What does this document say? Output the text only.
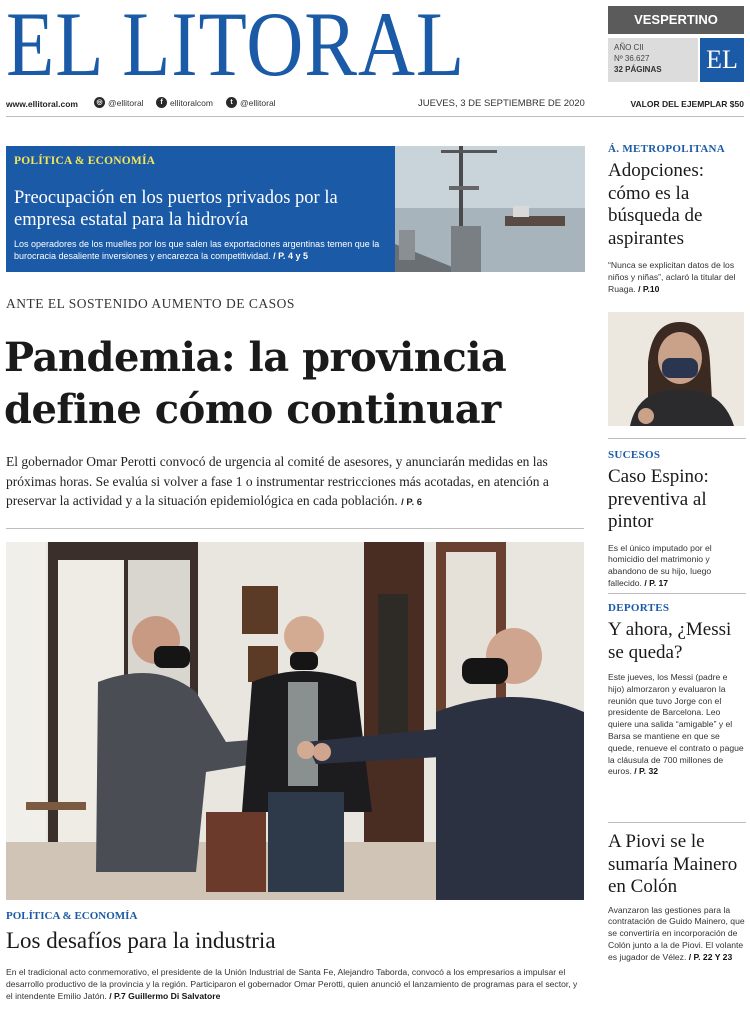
EL LITORAL	VESPERTINO
AÑO CII
Nº 36.627
32 PÁGINAS	EL
www.ellitoral.com	◎ @ellitoral	f ellitoralcom	t @ellitoral	JUEVES, 3 DE SEPTIEMBRE DE 2020	VALOR DEL EJEMPLAR $50
POLÍTICA & ECONOMÍA
Preocupación en los puertos privados por la empresa estatal para la hidrovía
Los operadores de los muelles por los que salen las exportaciones argentinas temen que la burocracia desaliente inversiones y encarezca la competitividad. / P. 4 y 5
ANTE EL SOSTENIDO AUMENTO DE CASOS
Pandemia: la provincia
define cómo continuar
El gobernador Omar Perotti convocó de urgencia al comité de asesores, y anunciarán medidas en las próximas horas. Se evalúa si volver a fase 1 o instrumentar restricciones más acotadas, en atención a preservar la actividad y a la situación epidemiológica en cada población. / P. 6
POLÍTICA & ECONOMÍA
Los desafíos para la industria
En el tradicional acto conmemorativo, el presidente de la Unión Industrial de Santa Fe, Alejandro Taborda, convocó a los empresarios a impulsar el desarrollo productivo de la provincia y la región. Participaron el gobernador Omar Perotti, quien anunció el lanzamiento de programas para el sector, y el intendente Emilio Jatón. / P.7 Guillermo Di Salvatore
Á. METROPOLITANA
Adopciones: cómo es la búsqueda de aspirantes
“Nunca se explicitan datos de los niños y niñas”, aclaró la titular del Ruaga. / P.10
SUCESOS
Caso Espino: preventiva al pintor
Es el único imputado por el homicidio del matrimonio y abandono de su hijo, luego fallecido. / P. 17
DEPORTES
Y ahora, ¿Messi se queda?
Este jueves, los Messi (padre e hijo) almorzaron y evaluaron la reunión que tuvo Jorge con el presidente de Barcelona. Leo quiere una salida “amigable” y el Barsa se mantiene en que se quede, renueve el contrato o pague la cláusula de 700 millones de euros. / P. 32
A Piovi se le sumaría Mainero en Colón
Avanzaron las gestiones para la contratación de Guido Mainero, que se convertiría en incorporación de Colón junto a la de Piovi. El volante es jugador de Vélez. / P. 22 Y 23
